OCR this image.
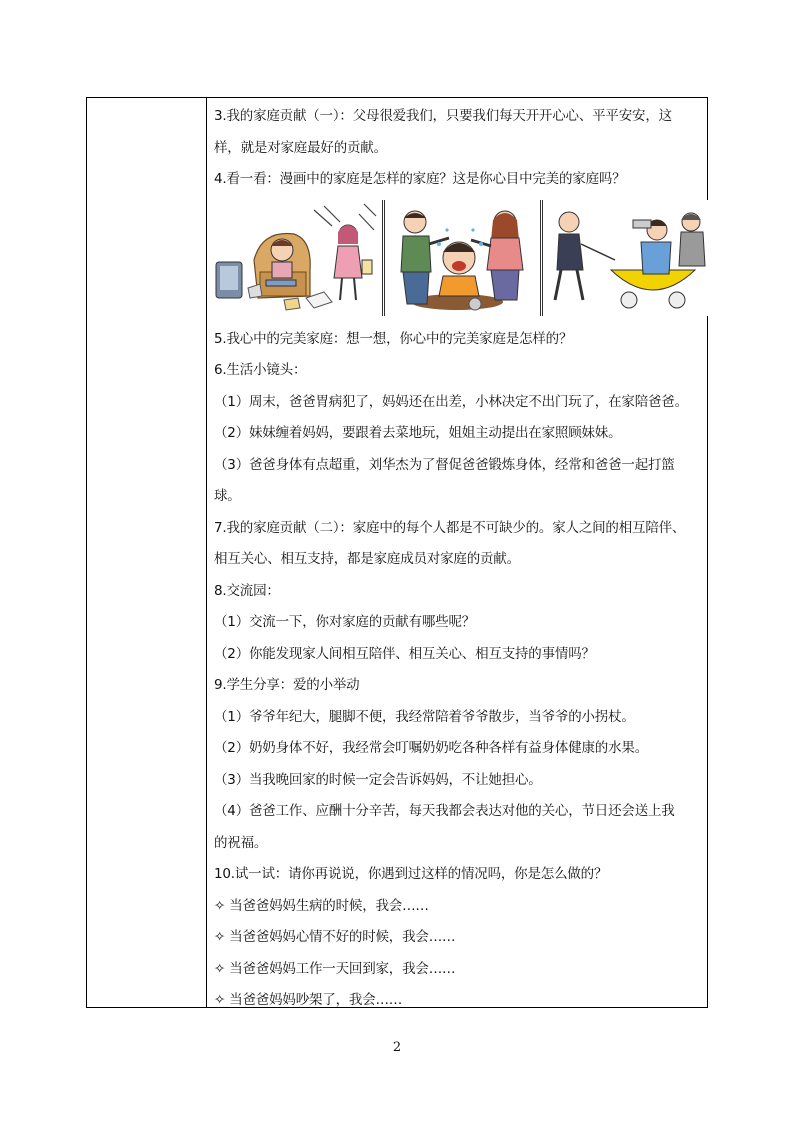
3.我的家庭贡献（一）：父母很爱我们，只要我们每天开开心心、平平安安，这
样，就是对家庭最好的贡献。
4.看一看：漫画中的家庭是怎样的家庭？这是你心目中完美的家庭吗？
5.我心中的完美家庭：想一想，你心中的完美家庭是怎样的？
6.生活小镜头：
（1）周末，爸爸胃病犯了，妈妈还在出差，小林决定不出门玩了，在家陪爸爸。
（2）妹妹缠着妈妈，要跟着去菜地玩，姐姐主动提出在家照顾妹妹。
（3）爸爸身体有点超重，刘华杰为了督促爸爸锻炼身体，经常和爸爸一起打篮
球。
7.我的家庭贡献（二）：家庭中的每个人都是不可缺少的。家人之间的相互陪伴、
相互关心、相互支持，都是家庭成员对家庭的贡献。
8.交流园：
（1）交流一下，你对家庭的贡献有哪些呢？
（2）你能发现家人间相互陪伴、相互关心、相互支持的事情吗？
9.学生分享：爱的小举动
（1）爷爷年纪大，腿脚不便，我经常陪着爷爷散步，当爷爷的小拐杖。
（2）奶奶身体不好，我经常会叮嘱奶奶吃各种各样有益身体健康的水果。
（3）当我晚回家的时候一定会告诉妈妈，不让她担心。
（4）爸爸工作、应酬十分辛苦，每天我都会表达对他的关心，节日还会送上我
的祝福。
10.试一试：请你再说说，你遇到过这样的情况吗，你是怎么做的？
✧ 当爸爸妈妈生病的时候，我会……
✧ 当爸爸妈妈心情不好的时候，我会……
✧ 当爸爸妈妈工作一天回到家，我会……
✧ 当爸爸妈妈吵架了，我会……
2
